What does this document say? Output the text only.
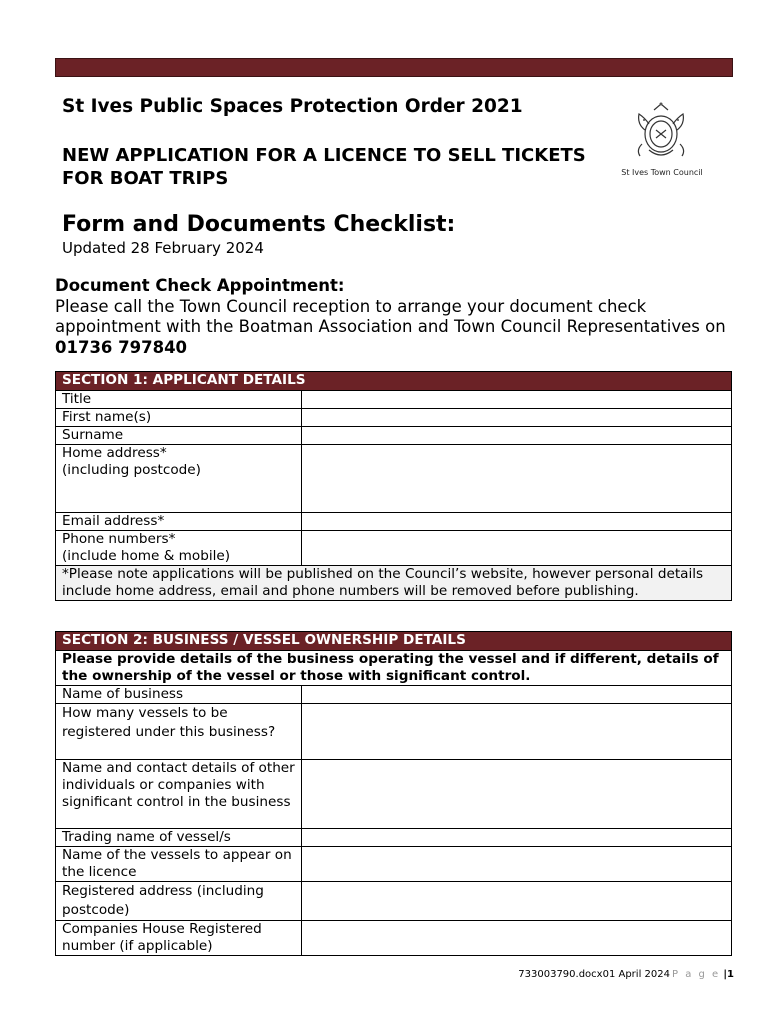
St Ives Public Spaces Protection Order 2021
NEW APPLICATION FOR A LICENCE TO SELL TICKETS FOR BOAT TRIPS	St Ives Town Council
Form and Documents Checklist:

Updated 28 February 2024

Document Check Appointment:
Please call the Town Council reception to arrange your document check appointment with the Boatman Association and Town Council Representatives on 01736 797840
SECTION 1: APPLICANT DETAILS	
Title	
First name(s)	
Surname	
Home address*
(including postcode)	
Email address*	
Phone numbers*
(include home & mobile)	
*Please note applications will be published on the Council’s website, however personal details include home address, email and phone numbers will be removed before publishing.	
SECTION 2: BUSINESS / VESSEL OWNERSHIP DETAILS	
Please provide details of the business operating the vessel and if different, details of the ownership of the vessel or those with significant control.	
Name of business	
How many vessels to be registered under this business?	
Name and contact details of other individuals or companies with significant control in the business	
Trading name of vessel/s	
Name of the vessels to appear on the licence	
Registered address (including postcode)	
Companies House Registered number (if applicable)	
733003790.docx01 April 2024 P a g e |1
